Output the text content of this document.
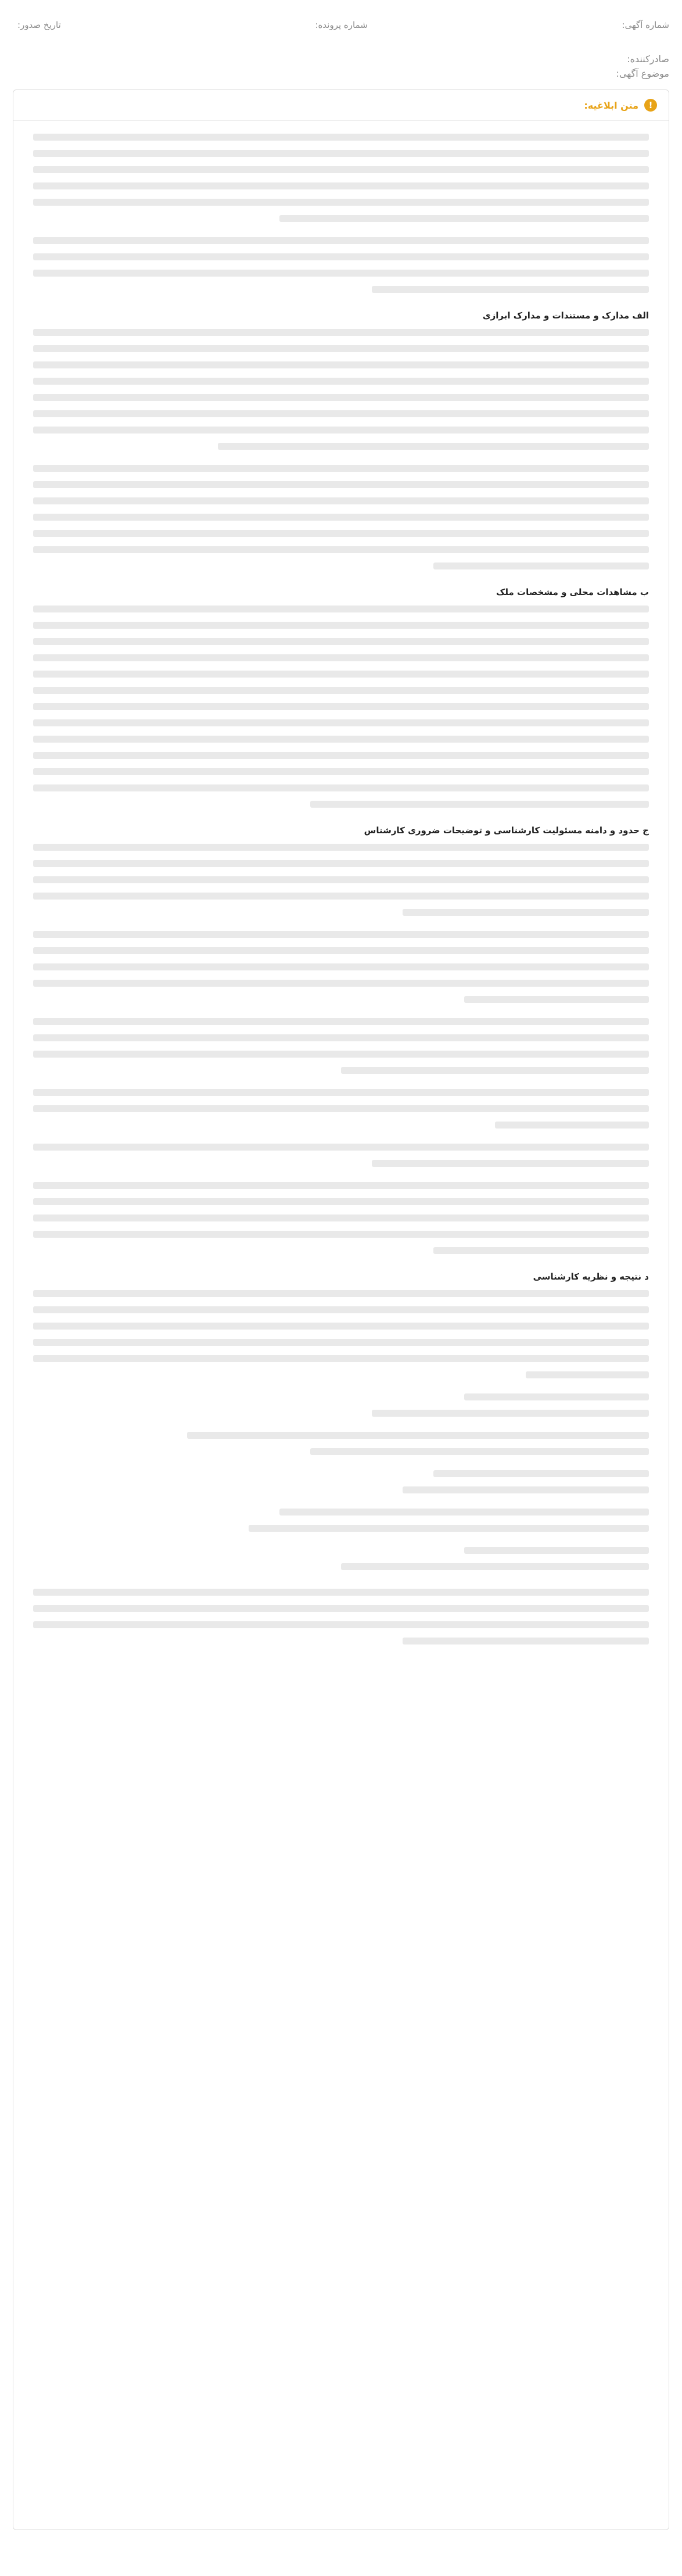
شماره آگهی:
شماره پرونده:
تاریخ صدور:
صادرکننده:
موضوع آگهی:
!
متن ابلاغیه:

الف مدارک و مستندات و مدارک ابرازی

ب مشاهدات محلی و مشخصات ملک

ج حدود و دامنه مسئولیت کارشناسی و توضیحات ضروری کارشناس

د نتیجه و نظریه کارشناسی
